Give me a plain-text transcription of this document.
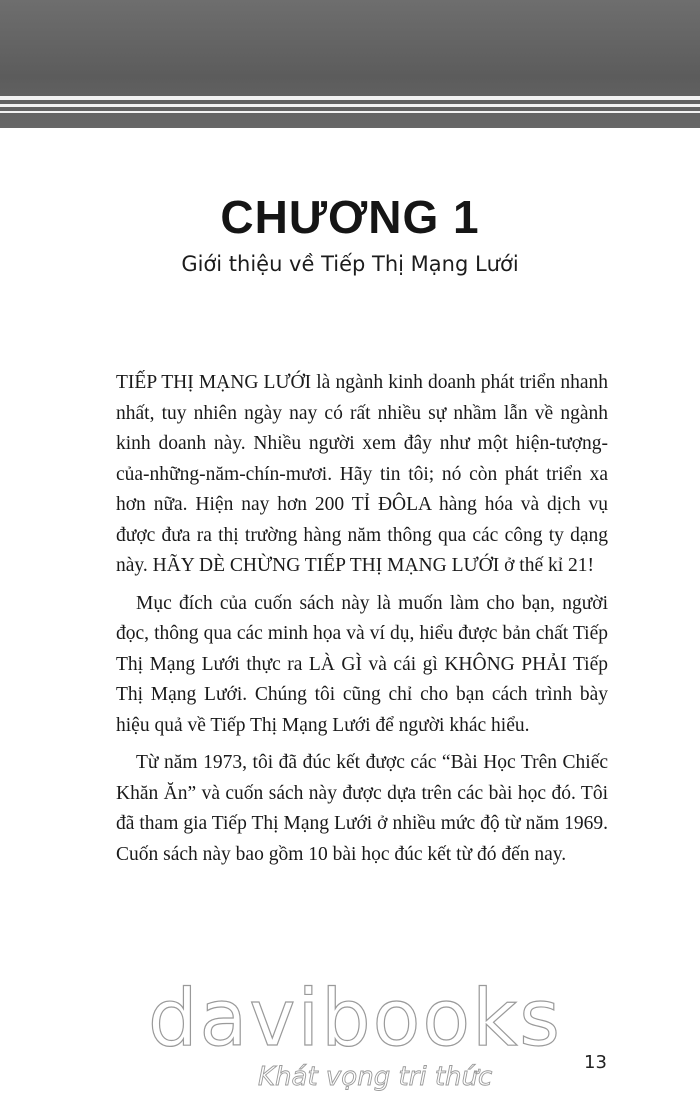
CHƯƠNG 1
Giới thiệu về Tiếp Thị Mạng Lưới

TIẾP THỊ MẠNG LƯỚI là ngành kinh doanh phát triển nhanh nhất, tuy nhiên ngày nay có rất nhiều sự nhầm lẫn về ngành kinh doanh này. Nhiều người xem đây như một hiện-tượng-của-những-năm-chín-mươi. Hãy tin tôi; nó còn phát triển xa hơn nữa. Hiện nay hơn 200 TỈ ĐÔLA hàng hóa và dịch vụ được đưa ra thị trường hàng năm thông qua các công ty dạng này. HÃY DÈ CHỪNG TIẾP THỊ MẠNG LƯỚI ở thế kỉ 21!

Mục đích của cuốn sách này là muốn làm cho bạn, người đọc, thông qua các minh họa và ví dụ, hiểu được bản chất Tiếp Thị Mạng Lưới thực ra LÀ GÌ và cái gì KHÔNG PHẢI Tiếp Thị Mạng Lưới. Chúng tôi cũng chỉ cho bạn cách trình bày hiệu quả về Tiếp Thị Mạng Lưới để người khác hiểu.

Từ năm 1973, tôi đã đúc kết được các “Bài Học Trên Chiếc Khăn Ăn” và cuốn sách này được dựa trên các bài học đó. Tôi đã tham gia Tiếp Thị Mạng Lưới ở nhiều mức độ từ năm 1969. Cuốn sách này bao gồm 10 bài học đúc kết từ đó đến nay.

davibooks
Khát vọng tri thức	13
